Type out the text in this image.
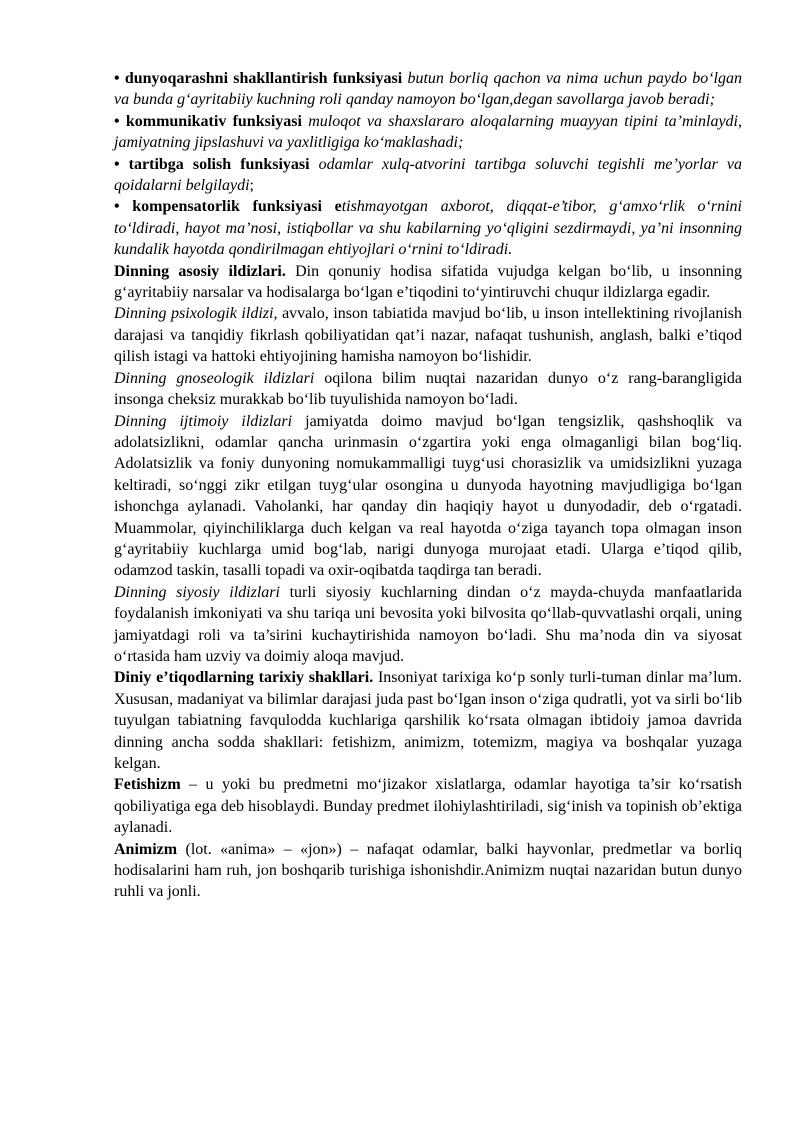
• dunyoqarashni shakllantirish funksiyasi butun borliq qachon va nima uchun paydo bo‘lgan va bunda g‘ayritabiiy kuchning roli qanday namoyon bo‘lgan,degan savollarga javob beradi;

• kommunikativ funksiyasi muloqot va shaxslararo aloqalarning muayyan tipini ta’minlaydi, jamiyatning jipslashuvi va yaxlitligiga ko‘maklashadi;

• tartibga solish funksiyasi odamlar xulq-atvorini tartibga soluvchi tegishli me’yorlar va qoidalarni belgilaydi;

• kompensatorlik funksiyasi etishmayotgan axborot, diqqat-e’tibor, g‘amxo‘rlik o‘rnini to‘ldiradi, hayot ma’nosi, istiqbollar va shu kabilarning yo‘qligini sezdirmaydi, ya’ni insonning kundalik hayotda qondirilmagan ehtiyojlari o‘rnini to‘ldiradi.

Dinning asosiy ildizlari. Din qonuniy hodisa sifatida vujudga kelgan bo‘lib, u insonning g‘ayritabiiy narsalar va hodisalarga bo‘lgan e’tiqodini to‘yintiruvchi chuqur ildizlarga egadir.

Dinning psixologik ildizi, avvalo, inson tabiatida mavjud bo‘lib, u inson intellektining rivojlanish darajasi va tanqidiy fikrlash qobiliyatidan qat’i nazar, nafaqat tushunish, anglash, balki e’tiqod qilish istagi va hattoki ehtiyojining hamisha namoyon bo‘lishidir.

Dinning gnoseologik ildizlari oqilona bilim nuqtai nazaridan dunyo o‘z rang-barangligida insonga cheksiz murakkab bo‘lib tuyulishida namoyon bo‘ladi.

Dinning ijtimoiy ildizlari jamiyatda doimo mavjud bo‘lgan tengsizlik, qashshoqlik va adolatsizlikni, odamlar qancha urinmasin o‘zgartira yoki enga olmaganligi bilan bog‘liq. Adolatsizlik va foniy dunyoning nomukammalligi tuyg‘usi chorasizlik va umidsizlikni yuzaga keltiradi, so‘nggi zikr etilgan tuyg‘ular osongina u dunyoda hayotning mavjudligiga bo‘lgan ishonchga aylanadi. Vaholanki, har qanday din haqiqiy hayot u dunyodadir, deb o‘rgatadi. Muammolar, qiyinchiliklarga duch kelgan va real hayotda o‘ziga tayanch topa olmagan inson g‘ayritabiiy kuchlarga umid bog‘lab, narigi dunyoga murojaat etadi. Ularga e’tiqod qilib, odamzod taskin, tasalli topadi va oxir-oqibatda taqdirga tan beradi.

Dinning siyosiy ildizlari turli siyosiy kuchlarning dindan o‘z mayda-chuyda manfaatlarida foydalanish imkoniyati va shu tariqa uni bevosita yoki bilvosita qo‘llab-quvvatlashi orqali, uning jamiyatdagi roli va ta’sirini kuchaytirishida namoyon bo‘ladi. Shu ma’noda din va siyosat o‘rtasida ham uzviy va doimiy aloqa mavjud.

Diniy e’tiqodlarning tarixiy shakllari. Insoniyat tarixiga ko‘p sonly turli-tuman dinlar ma’lum. Xususan, madaniyat va bilimlar darajasi juda past bo‘lgan inson o‘ziga qudratli, yot va sirli bo‘lib tuyulgan tabiatning favqulodda kuchlariga qarshilik ko‘rsata olmagan ibtidoiy jamoa davrida dinning ancha sodda shakllari: fetishizm, animizm, totemizm, magiya va boshqalar yuzaga kelgan.

Fetishizm – u yoki bu predmetni mo‘jizakor xislatlarga, odamlar hayotiga ta’sir ko‘rsatish qobiliyatiga ega deb hisoblaydi. Bunday predmet ilohiylashtiriladi, sig‘inish va topinish ob’ektiga aylanadi.

Animizm (lot. «anima» – «jon») – nafaqat odamlar, balki hayvonlar, predmetlar va borliq hodisalarini ham ruh, jon boshqarib turishiga ishonishdir.Animizm nuqtai nazaridan butun dunyo ruhli va jonli.
